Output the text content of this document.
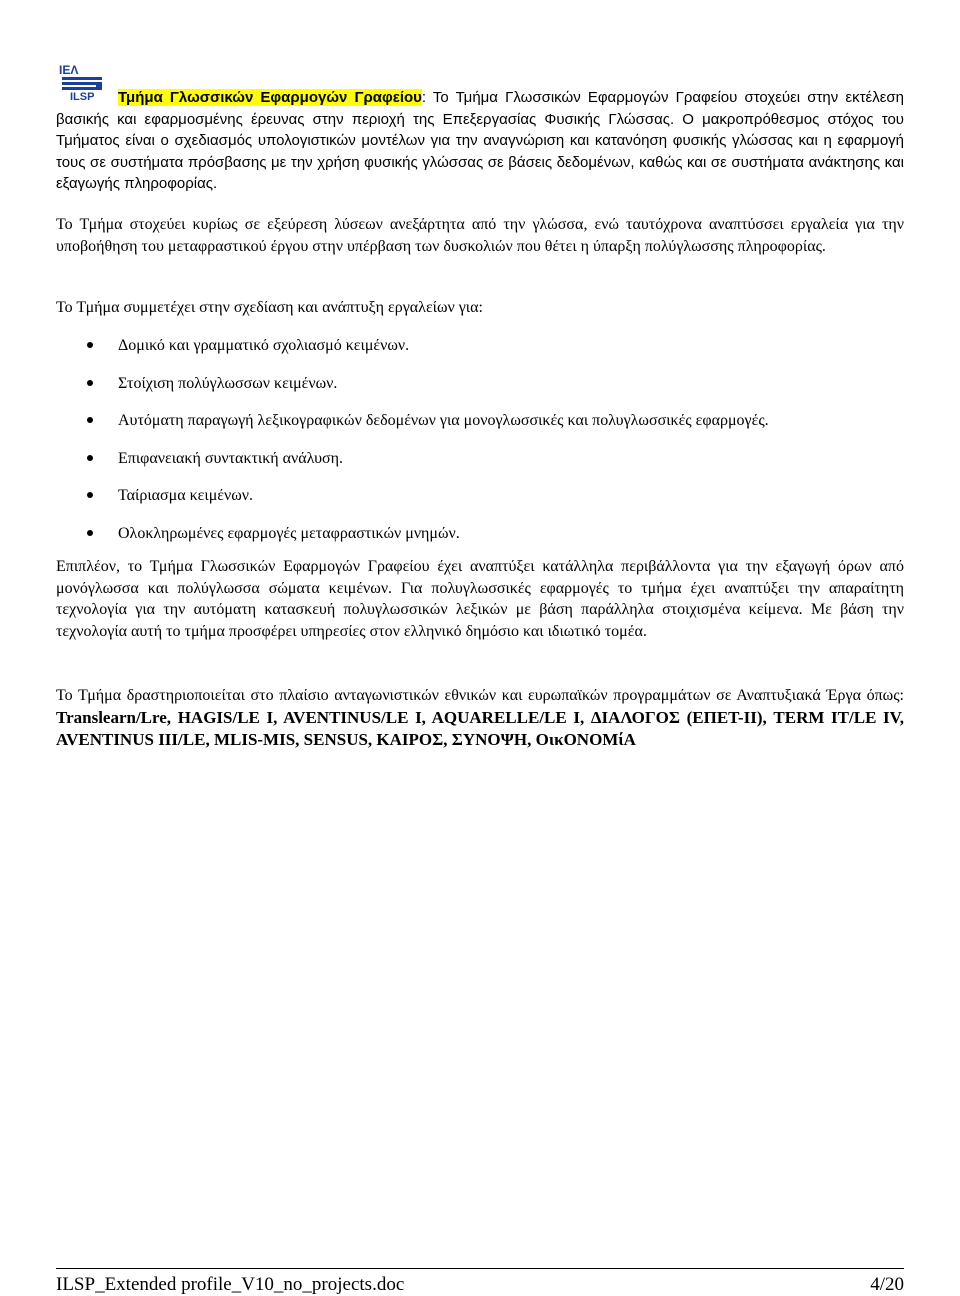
ΙΕΛ
ILSP	Τμήμα Γλωσσικών Εφαρμογών Γραφείου: Το Τμήμα Γλωσσικών Εφαρμογών Γραφείου στοχεύει στην εκτέλεση βασικής και εφαρμοσμένης έρευνας στην περιοχή της Επεξεργασίας Φυσικής Γλώσσας. Ο μακροπρόθεσμος στόχος του Τμήματος είναι ο σχεδιασμός υπολογιστικών μοντέλων για την αναγνώριση και κατανόηση φυσικής γλώσσας και η εφαρμογή τους σε συστήματα πρόσβασης με την χρήση φυσικής γλώσσας σε βάσεις δεδομένων, καθώς και σε συστήματα ανάκτησης και εξαγωγής πληροφορίας.

Το Τμήμα στοχεύει κυρίως σε εξεύρεση λύσεων ανεξάρτητα από την γλώσσα, ενώ ταυτόχρονα αναπτύσσει εργαλεία για την υποβοήθηση του μεταφραστικού έργου στην υπέρβαση των δυσκολιών που θέτει η ύπαρξη πολύγλωσσης πληροφορίας.

Το Τμήμα συμμετέχει στην σχεδίαση και ανάπτυξη εργαλείων για:

Δομικό και γραμματικό σχολιασμό κειμένων.
Στοίχιση πολύγλωσσων κειμένων.
Αυτόματη παραγωγή λεξικογραφικών δεδομένων για μονογλωσσικές και πολυγλωσσικές εφαρμογές.
Επιφανειακή συντακτική ανάλυση.
Ταίριασμα κειμένων.
Ολοκληρωμένες εφαρμογές μεταφραστικών μνημών.

Επιπλέον, το Τμήμα Γλωσσικών Εφαρμογών Γραφείου έχει αναπτύξει κατάλληλα περιβάλλοντα για την εξαγωγή όρων από μονόγλωσσα και πολύγλωσσα σώματα κειμένων. Για πολυγλωσσικές εφαρμογές το τμήμα έχει αναπτύξει την απαραίτητη τεχνολογία για την αυτόματη κατασκευή πολυγλωσσικών λεξικών με βάση παράλληλα στοιχισμένα κείμενα. Με βάση την τεχνολογία αυτή το τμήμα προσφέρει υπηρεσίες στον ελληνικό δημόσιο και ιδιωτικό τομέα.

Το Τμήμα δραστηριοποιείται στο πλαίσιο ανταγωνιστικών εθνικών και ευρωπαϊκών προγραμμάτων σε Αναπτυξιακά Έργα όπως: Translearn/Lre, HAGIS/LE I, AVENTINUS/LE I, AQUARELLE/LE I, ΔΙΑΛΟΓΟΣ (ΕΠΕΤ-ΙΙ), TERM IT/LE IV, AVENTINUS III/LE, MLIS-MIS, SENSUS, ΚΑΙΡΟΣ, ΣΥΝΟΨΗ, ΟικΟΝΟΜίΑ

ILSP_Extended profile_V10_no_projects.doc	4/20
